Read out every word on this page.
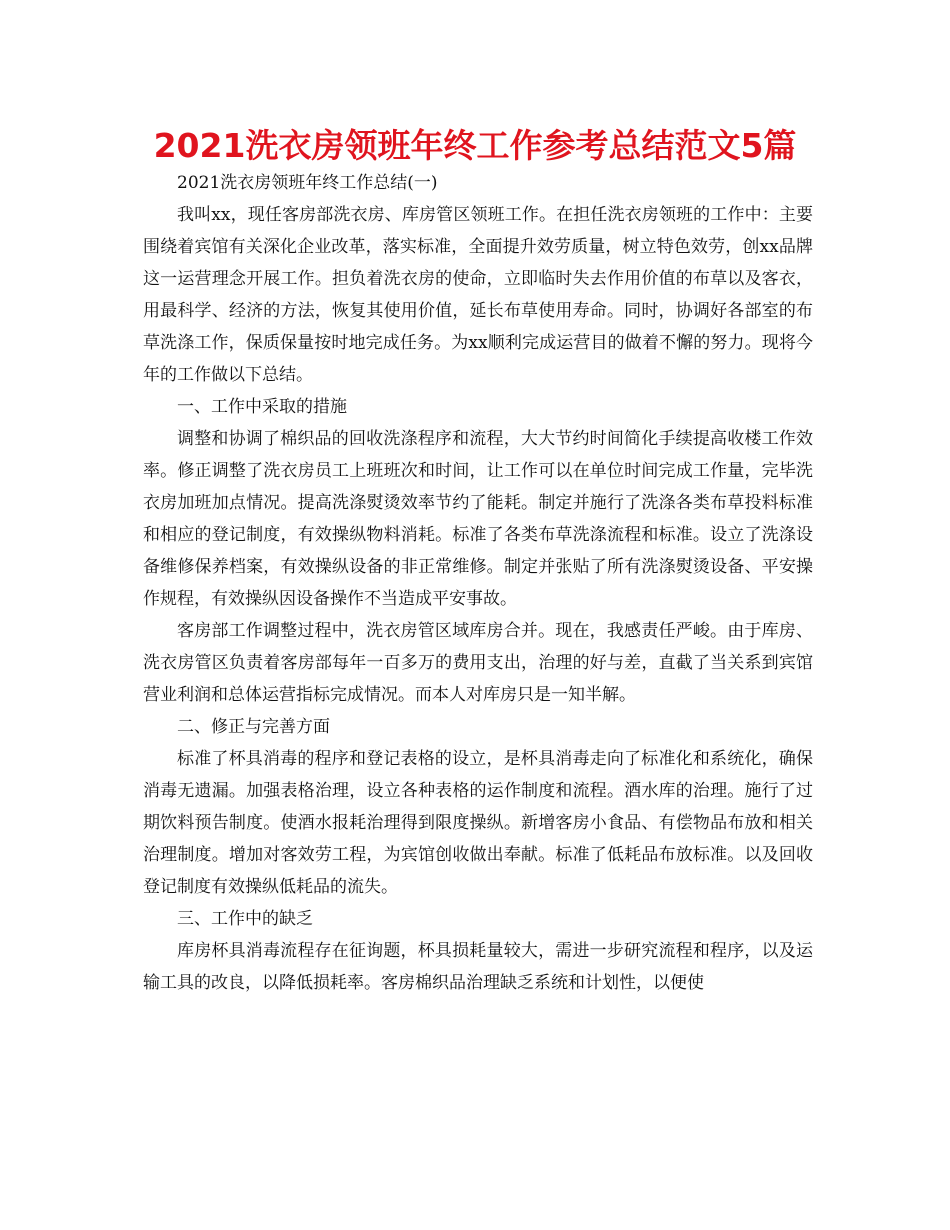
2021洗衣房领班年终工作参考总结范文5篇

2021洗衣房领班年终工作总结(一)

我叫xx，现任客房部洗衣房、库房管区领班工作。在担任洗衣房领班的工作中：主要围绕着宾馆有关深化企业改革，落实标准，全面提升效劳质量，树立特色效劳，创xx品牌这一运营理念开展工作。担负着洗衣房的使命，立即临时失去作用价值的布草以及客衣，用最科学、经济的方法，恢复其使用价值，延长布草使用寿命。同时，协调好各部室的布草洗涤工作，保质保量按时地完成任务。为xx顺利完成运营目的做着不懈的努力。现将今年的工作做以下总结。

一、工作中采取的措施

调整和协调了棉织品的回收洗涤程序和流程，大大节约时间简化手续提高收楼工作效率。修正调整了洗衣房员工上班班次和时间，让工作可以在单位时间完成工作量，完毕洗衣房加班加点情况。提高洗涤熨烫效率节约了能耗。制定并施行了洗涤各类布草投料标准和相应的登记制度，有效操纵物料消耗。标准了各类布草洗涤流程和标准。设立了洗涤设备维修保养档案，有效操纵设备的非正常维修。制定并张贴了所有洗涤熨烫设备、平安操作规程，有效操纵因设备操作不当造成平安事故。

客房部工作调整过程中，洗衣房管区域库房合并。现在，我感责任严峻。由于库房、洗衣房管区负责着客房部每年一百多万的费用支出，治理的好与差，直截了当关系到宾馆营业利润和总体运营指标完成情况。而本人对库房只是一知半解。

二、修正与完善方面

标准了杯具消毒的程序和登记表格的设立，是杯具消毒走向了标准化和系统化，确保消毒无遗漏。加强表格治理，设立各种表格的运作制度和流程。酒水库的治理。施行了过期饮料预告制度。使酒水报耗治理得到限度操纵。新增客房小食品、有偿物品布放和相关治理制度。增加对客效劳工程，为宾馆创收做出奉献。标准了低耗品布放标准。以及回收登记制度有效操纵低耗品的流失。

三、工作中的缺乏

库房杯具消毒流程存在征询题，杯具损耗量较大，需进一步研究流程和程序，以及运输工具的改良，以降低损耗率。客房棉织品治理缺乏系统和计划性，以便使
